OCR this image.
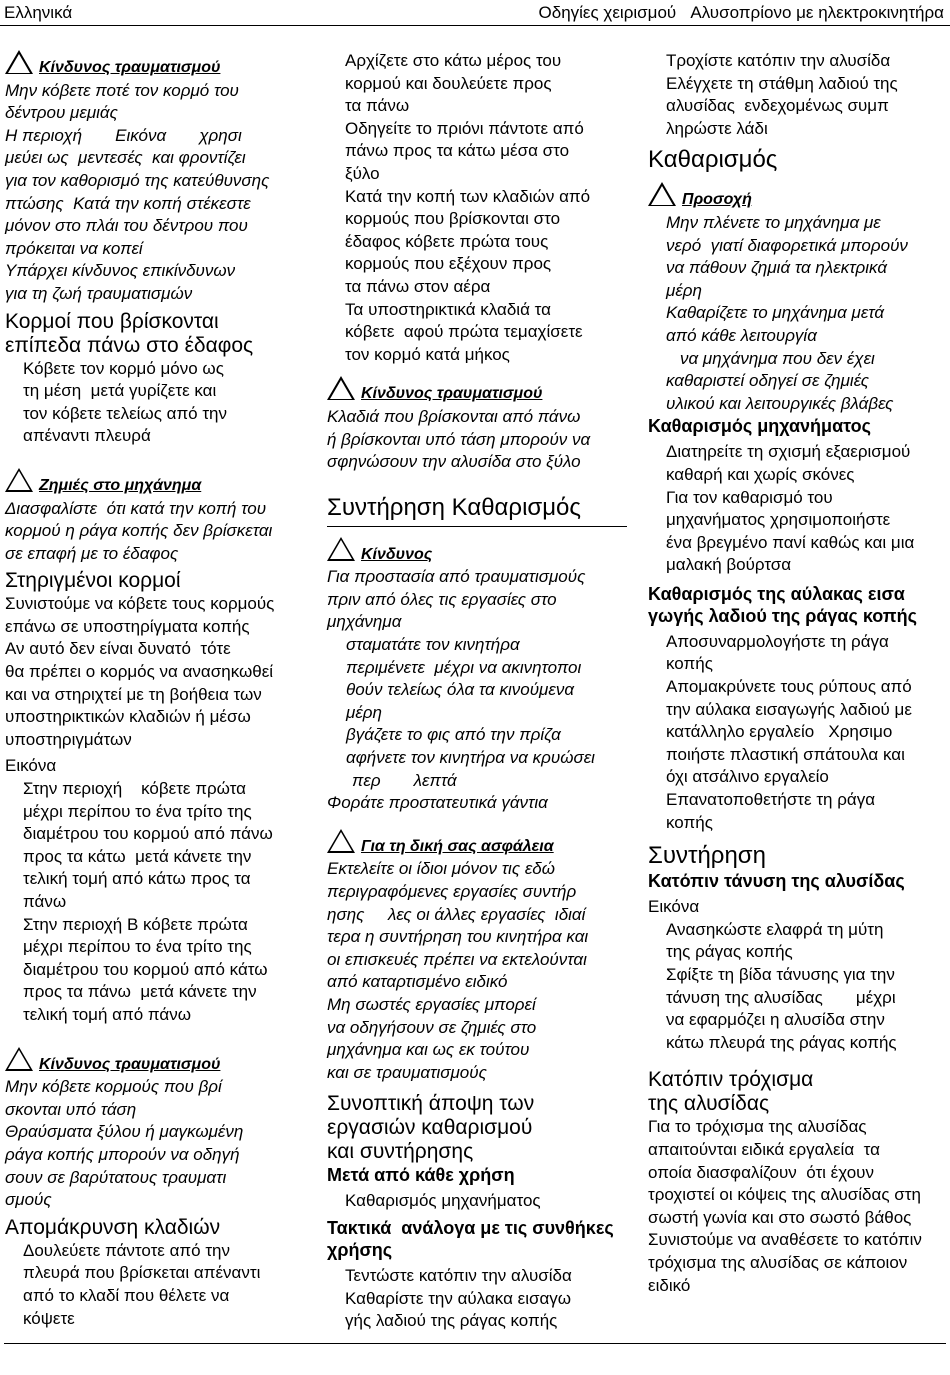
Ελληνικά	Οδηγίες χειρισμού Αλυσοπρίονο με ηλεκτροκινητήρα

Κίνδυνος τραυματισμού

Μην κόβετε ποτέ τον κορμό του

δέντρου μεμιάς

Η περιοχή       Εικόνα       χρησι

μεύει ως  μεντεσές  και φροντίζει

για τον καθορισμό της κατεύθυνσης

πτώσης  Κατά την κοπή στέκεστε

μόνον στο πλάι του δέντρου που

πρόκειται να κοπεί

Υπάρχει κίνδυνος επικίνδυνων

για τη ζωή τραυματισμών

Κορμοί που βρίσκονται

επίπεδα πάνω στο έδαφος

Κόβετε τον κορμό μόνο ως

τη μέση  μετά γυρίζετε και

τον κόβετε τελείως από την

απέναντι πλευρά

Ζημιές στο μηχάνημα

Διασφαλίστε  ότι κατά την κοπή του

κορμού η ράγα κοπής δεν βρίσκεται

σε επαφή με το έδαφος

Στηριγμένοι κορμοί

Συνιστούμε να κόβετε τους κορμούς

επάνω σε υποστηρίγματα κοπής

Αν αυτό δεν είναι δυνατό  τότε

θα πρέπει ο κορμός να ανασηκωθεί

και να στηριχτεί με τη βοήθεια των

υποστηρικτικών κλαδιών ή μέσω

υποστηριγμάτων

Εικόνα

Στην περιοχή    κόβετε πρώτα

μέχρι περίπου το ένα τρίτο της

διαμέτρου του κορμού από πάνω

προς τα κάτω  μετά κάνετε την

τελική τομή από κάτω προς τα

πάνω

Στην περιοχή B κόβετε πρώτα

μέχρι περίπου το ένα τρίτο της

διαμέτρου του κορμού από κάτω

προς τα πάνω  μετά κάνετε την

τελική τομή από πάνω

Κίνδυνος τραυματισμού

Μην κόβετε κορμούς που βρί

σκονται υπό τάση

Θραύσματα ξύλου ή μαγκωμένη

ράγα κοπής μπορούν να οδηγή

σουν σε βαρύτατους τραυματι

σμούς

Απομάκρυνση κλαδιών

Δουλεύετε πάντοτε από την

πλευρά που βρίσκεται απέναντι

από το κλαδί που θέλετε να

κόψετε

Αρχίζετε στο κάτω μέρος του

κορμού και δουλεύετε προς

τα πάνω

Οδηγείτε το πριόνι πάντοτε από

πάνω προς τα κάτω μέσα στο

ξύλο

Κατά την κοπή των κλαδιών από

κορμούς που βρίσκονται στο

έδαφος κόβετε πρώτα τους

κορμούς που εξέχουν προς

τα πάνω στον αέρα

Τα υποστηρικτικά κλαδιά τα

κόβετε  αφού πρώτα τεμαχίσετε

τον κορμό κατά μήκος

Κίνδυνος τραυματισμού

Κλαδιά που βρίσκονται από πάνω

ή βρίσκονται υπό τάση μπορούν να

σφηνώσουν την αλυσίδα στο ξύλο

Συντήρηση Καθαρισμός

Κίνδυνος

Για προστασία από τραυματισμούς

πριν από όλες τις εργασίες στο

μηχάνημα

σταματάτε τον κινητήρα

περιμένετε  μέχρι να ακινητοποι

θούν τελείως όλα τα κινούμενα

μέρη

βγάζετε το φις από την πρίζα

αφήνετε τον κινητήρα να κρυώσει

περ       λεπτά

Φοράτε προστατευτικά γάντια

Για τη δική σας ασφάλεια

Εκτελείτε οι ίδιοι μόνον τις εδώ

περιγραφόμενες εργασίες συντήρ

ησης     λες οι άλλες εργασίες  ιδιαί

τερα η συντήρηση του κινητήρα και

οι επισκευές πρέπει να εκτελούνται

από καταρτισμένο ειδικό

Μη σωστές εργασίες μπορεί

να οδηγήσουν σε ζημιές στο

μηχάνημα και ως εκ τούτου

και σε τραυματισμούς

Συνοπτική άποψη των

εργασιών καθαρισμού

και συντήρησης

Μετά από κάθε χρήση

Καθαρισμός μηχανήματος

Τακτικά  ανάλογα με τις συνθήκες

χρήσης

Τεντώστε κατόπιν την αλυσίδα

Καθαρίστε την αύλακα εισαγω

γής λαδιού της ράγας κοπής

Τροχίστε κατόπιν την αλυσίδα

Ελέγχετε τη στάθμη λαδιού της

αλυσίδας  ενδεχομένως συμπ

ληρώστε λάδι

Καθαρισμός

Προσοχή

Μην πλένετε το μηχάνημα με

νερό  γιατί διαφορετικά μπορούν

να πάθουν ζημιά τα ηλεκτρικά

μέρη

Καθαρίζετε το μηχάνημα μετά

από κάθε λειτουργία

να μηχάνημα που δεν έχει

καθαριστεί οδηγεί σε ζημιές

υλικού και λειτουργικές βλάβες

Καθαρισμός μηχανήματος

Διατηρείτε τη σχισμή εξαερισμού

καθαρή και χωρίς σκόνες

Για τον καθαρισμό του

μηχανήματος χρησιμοποιήστε

ένα βρεγμένο πανί καθώς και μια

μαλακή βούρτσα

Καθαρισμός της αύλακας εισα

γωγής λαδιού της ράγας κοπής

Αποσυναρμολογήστε τη ράγα

κοπής

Απομακρύνετε τους ρύπους από

την αύλακα εισαγωγής λαδιού με

κατάλληλο εργαλείο   Χρησιμο

ποιήστε πλαστική σπάτουλα και

όχι ατσάλινο εργαλείο

Επανατοποθετήστε τη ράγα

κοπής

Συντήρηση

Κατόπιν τάνυση της αλυσίδας

Εικόνα

Ανασηκώστε ελαφρά τη μύτη

της ράγας κοπής

Σφίξτε τη βίδα τάνυσης για την

τάνυση της αλυσίδας       μέχρι

να εφαρμόζει η αλυσίδα στην

κάτω πλευρά της ράγας κοπής

Κατόπιν τρόχισμα

της αλυσίδας

Για το τρόχισμα της αλυσίδας

απαιτούνται ειδικά εργαλεία  τα

οποία διασφαλίζουν  ότι έχουν

τροχιστεί οι κόψεις της αλυσίδας στη

σωστή γωνία και στο σωστό βάθος

Συνιστούμε να αναθέσετε το κατόπιν

τρόχισμα της αλυσίδας σε κάποιον

ειδικό
